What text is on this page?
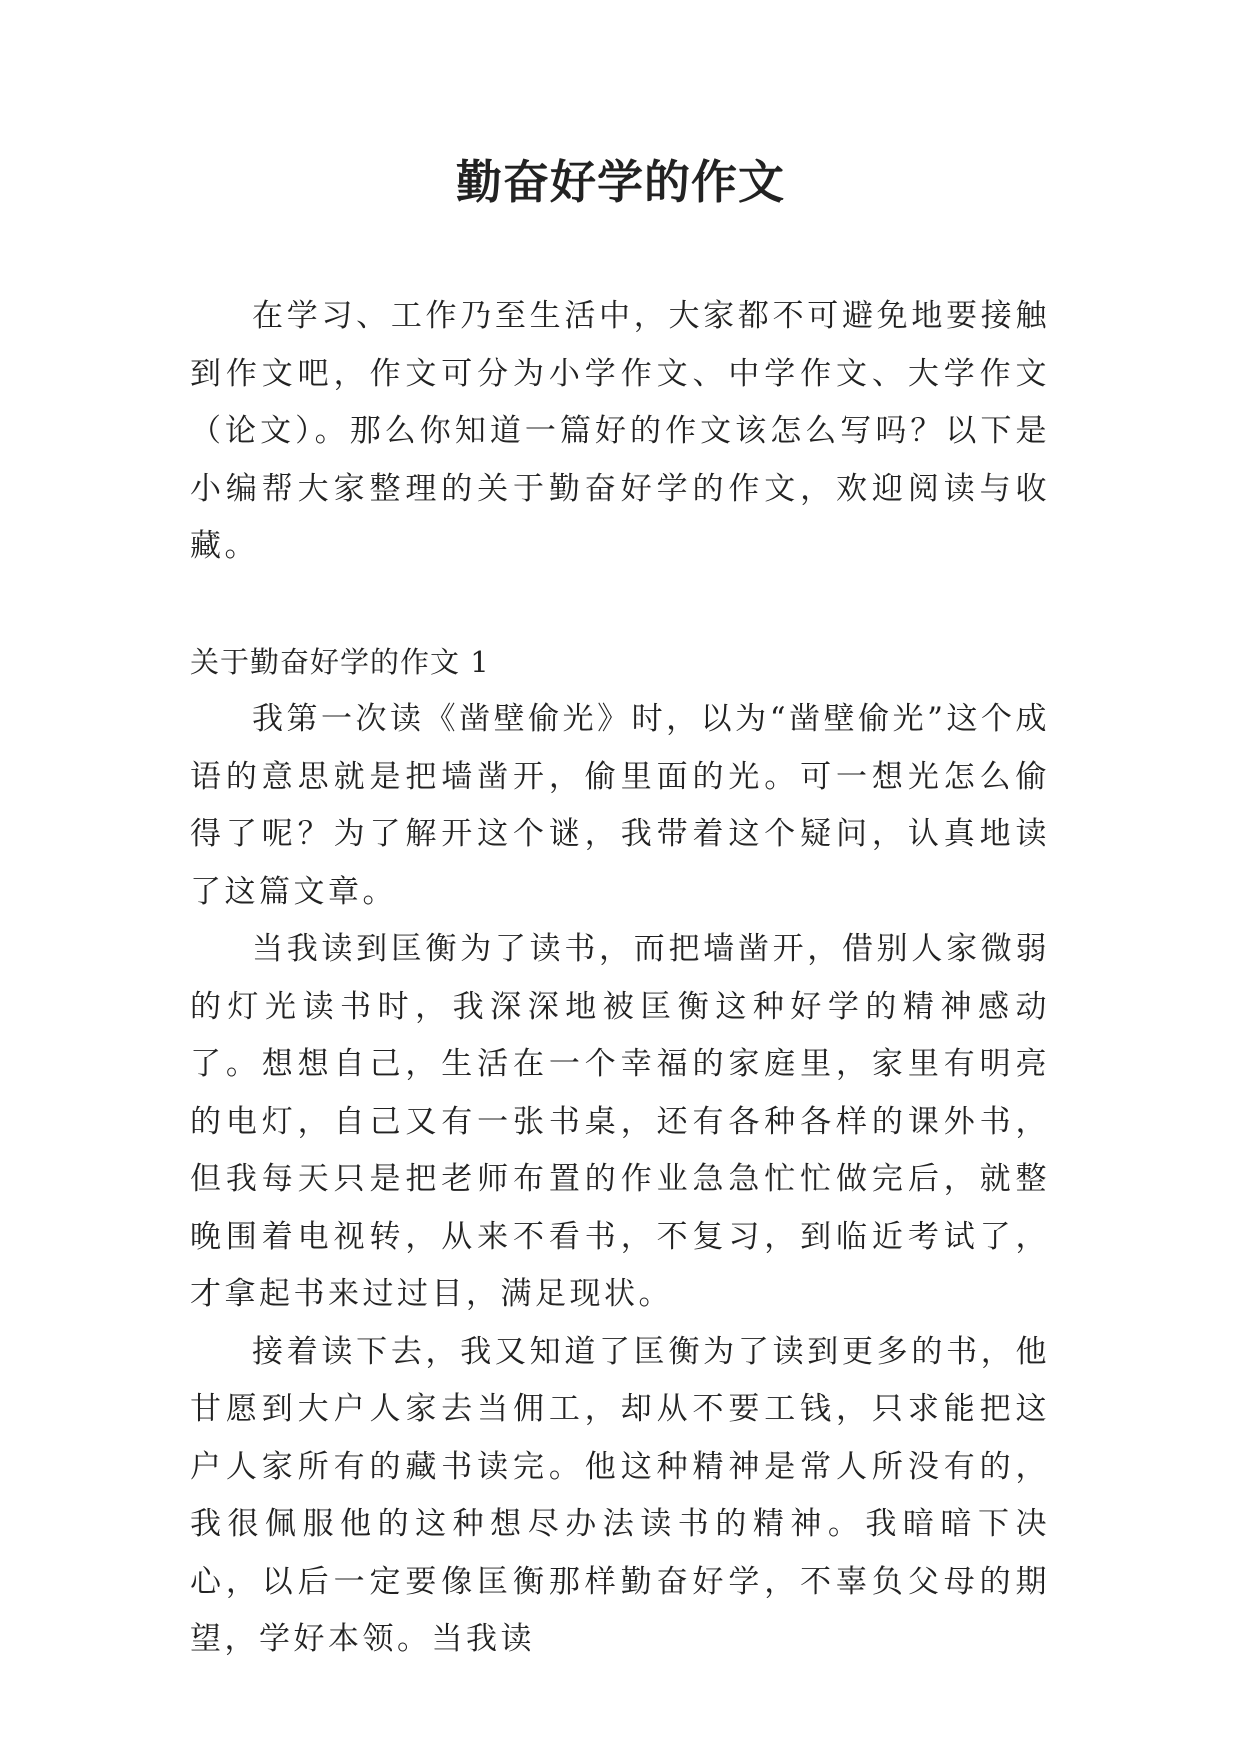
勤奋好学的作文

在学习、工作乃至生活中，大家都不可避免地要接触到作文吧，作文可分为小学作文、中学作文、大学作文（论文）。那么你知道一篇好的作文该怎么写吗？以下是小编帮大家整理的关于勤奋好学的作文，欢迎阅读与收藏。

关于勤奋好学的作文 1

我第一次读《凿壁偷光》时，以为“凿壁偷光”这个成语的意思就是把墙凿开，偷里面的光。可一想光怎么偷得了呢？为了解开这个谜，我带着这个疑问，认真地读了这篇文章。

当我读到匡衡为了读书，而把墙凿开，借别人家微弱的灯光读书时，我深深地被匡衡这种好学的精神感动了。想想自己，生活在一个幸福的家庭里，家里有明亮的电灯，自己又有一张书桌，还有各种各样的课外书，但我每天只是把老师布置的作业急急忙忙做完后，就整晚围着电视转，从来不看书，不复习，到临近考试了，才拿起书来过过目，满足现状。

接着读下去，我又知道了匡衡为了读到更多的书，他甘愿到大户人家去当佣工，却从不要工钱，只求能把这户人家所有的藏书读完。他这种精神是常人所没有的，我很佩服他的这种想尽办法读书的精神。我暗暗下决心，以后一定要像匡衡那样勤奋好学，不辜负父母的期望，学好本领。当我读
